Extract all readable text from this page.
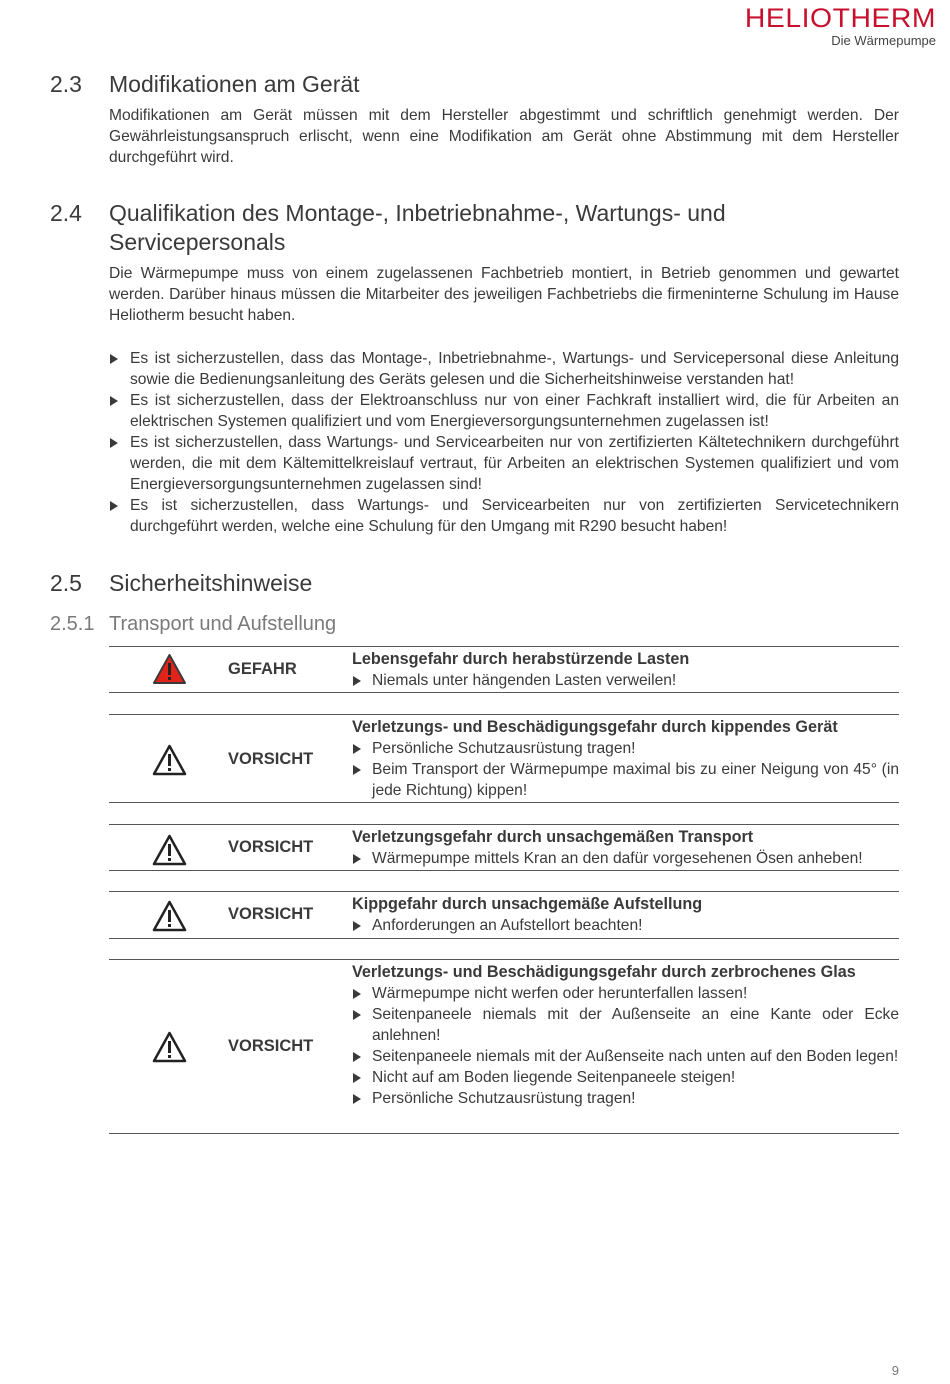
HELIOTHERM
Die Wärmepumpe
2.3 Modifikationen am Gerät

Modifikationen am Gerät müssen mit dem Hersteller abgestimmt und schriftlich genehmigt werden. Der Gewährleistungsanspruch erlischt, wenn eine Modifikation am Gerät ohne Abstimmung mit dem Hersteller durchgeführt wird.

2.4 Qualifikation des Montage-, Inbetriebnahme-, Wartungs- und
Servicepersonals

Die Wärmepumpe muss von einem zugelassenen Fachbetrieb montiert, in Betrieb genommen und gewartet werden. Darüber hinaus müssen die Mitarbeiter des jeweiligen Fachbetriebs die firmeninterne Schulung im Hause Heliotherm besucht haben.

Es ist sicherzustellen, dass das Montage-, Inbetriebnahme-, Wartungs- und Servicepersonal diese Anleitung sowie die Bedienungsanleitung des Geräts gelesen und die Sicherheitshinweise verstanden hat!
Es ist sicherzustellen, dass der Elektroanschluss nur von einer Fachkraft installiert wird, die für Arbeiten an elektrischen Systemen qualifiziert und vom Energieversorgungsunternehmen zugelassen ist!
Es ist sicherzustellen, dass Wartungs- und Servicearbeiten nur von zertifizierten Kältetechnikern durchgeführt werden, die mit dem Kältemittelkreislauf vertraut, für Arbeiten an elektrischen Systemen qualifiziert und vom Energieversorgungsunternehmen zugelassen sind!
Es ist sicherzustellen, dass Wartungs- und Servicearbeiten nur von zertifizierten Servicetechnikern durchgeführt werden, welche eine Schulung für den Umgang mit R290 besucht haben!
2.5 Sicherheitshinweise
2.5.1 Transport und Aufstellung
GEFAHR
Lebensgefahr durch herabstürzende Lasten
Niemals unter hängenden Lasten verweilen!
VORSICHT
Verletzungs- und Beschädigungsgefahr durch kippendes Gerät
Persönliche Schutzausrüstung tragen!
Beim Transport der Wärmepumpe maximal bis zu einer Neigung von 45° (in jede Richtung) kippen!
VORSICHT
Verletzungsgefahr durch unsachgemäßen Transport
Wärmepumpe mittels Kran an den dafür vorgesehenen Ösen anheben!
VORSICHT
Kippgefahr durch unsachgemäße Aufstellung
Anforderungen an Aufstellort beachten!
VORSICHT
Verletzungs- und Beschädigungsgefahr durch zerbrochenes Glas
Wärmepumpe nicht werfen oder herunterfallen lassen!
Seitenpaneele niemals mit der Außenseite an eine Kante oder Ecke anlehnen!
Seitenpaneele niemals mit der Außenseite nach unten auf den Boden legen!
Nicht auf am Boden liegende Seitenpaneele steigen!
Persönliche Schutzausrüstung tragen!
9
